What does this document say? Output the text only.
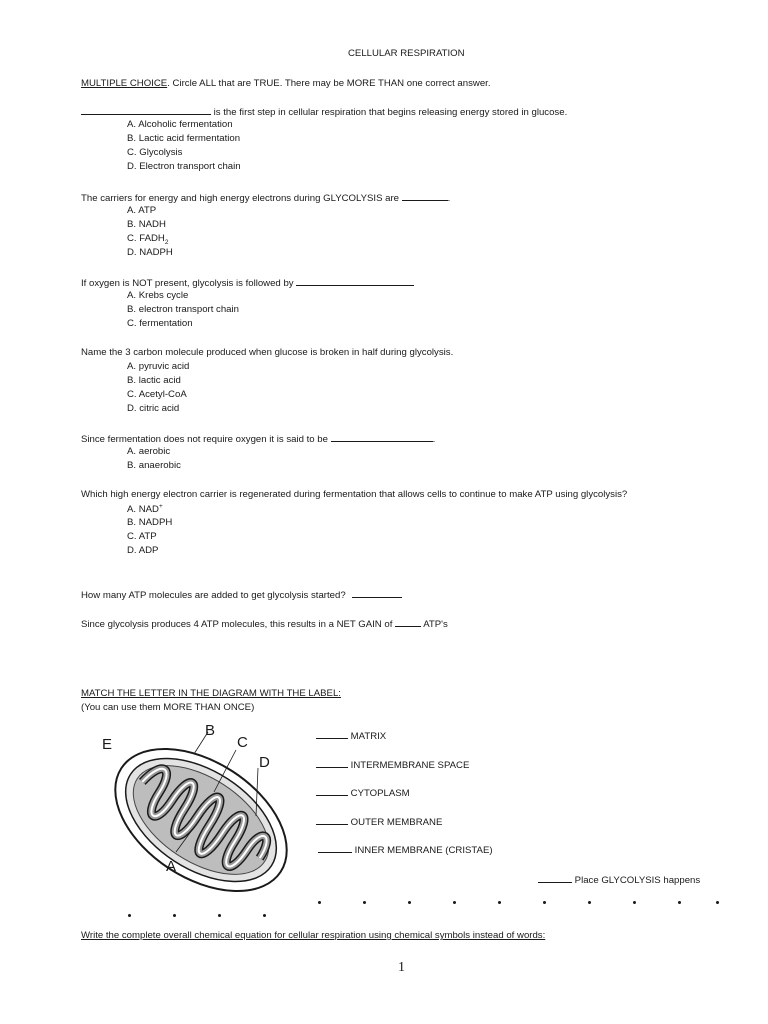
CELLULAR RESPIRATION
MULTIPLE CHOICE. Circle ALL that are TRUE. There may be MORE THAN one correct answer.
is the first step in cellular respiration that begins releasing energy stored in glucose.
A. Alcoholic fermentation
B. Lactic acid fermentation
C. Glycolysis
D. Electron transport chain
The carriers for energy and high energy electrons during GLYCOLYSIS are	.
A. ATP
B. NADH
C. $FADH_2$
D. NADPH
If oxygen is NOT present, glycolysis is followed by
A. Krebs cycle
B. electron transport chain
C. fermentation
Name the 3 carbon molecule produced when glucose is broken in half during glycolysis.
A. pyruvic acid
B. lactic acid
C. Acetyl-CoA
D. citric acid
Since fermentation does not require oxygen it is said to be	.
A. aerobic
B. anaerobic
Which high energy electron carrier is regenerated during fermentation that allows cells to continue to make ATP using glycolysis?
A. NAD+
B. NADPH
C. ATP
D. ADP
How many ATP molecules are added to get glycolysis started?
Since glycolysis produces 4 ATP molecules, this results in a NET GAIN of	ATP's
MATCH THE LETTER IN THE DIAGRAM WITH THE LABEL:
(You can use them MORE THAN ONCE)
E
B
C
D
A
MATRIX
INTERMEMBRANE SPACE
CYTOPLASM
OUTER MEMBRANE
INNER MEMBRANE (CRISTAE)
Place GLYCOLYSIS happens
Write the complete overall chemical equation for cellular respiration using chemical symbols instead of words:
1
